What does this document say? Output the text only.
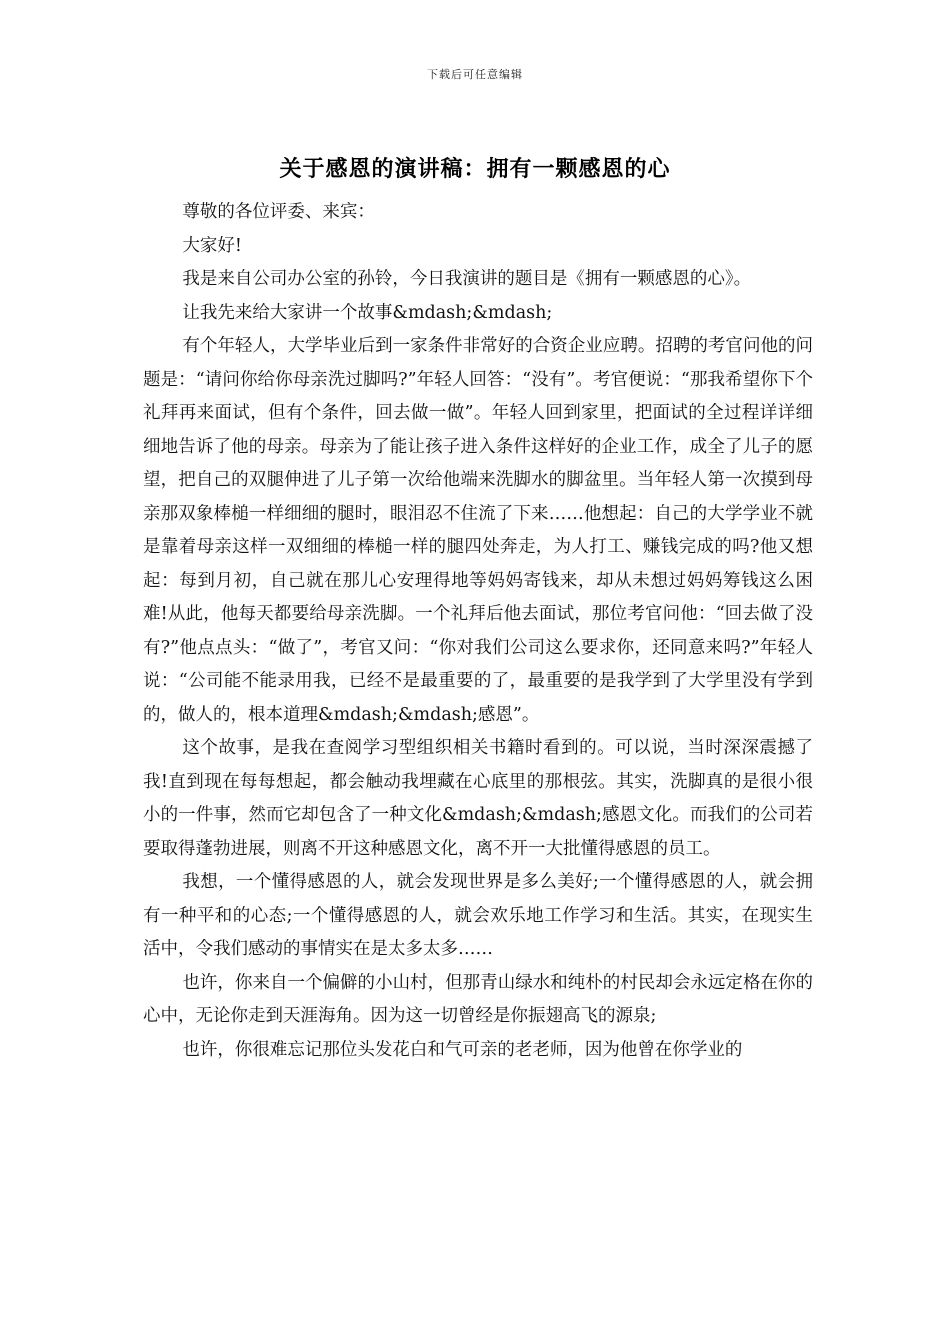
下载后可任意编辑
关于感恩的演讲稿：拥有一颗感恩的心

尊敬的各位评委、来宾：

大家好!

我是来自公司办公室的孙铃，今日我演讲的题目是《拥有一颗感恩的心》。

让我先来给大家讲一个故事&mdash;&mdash;

有个年轻人，大学毕业后到一家条件非常好的合资企业应聘。招聘的考官问他的问题是：“请问你给你母亲洗过脚吗?”年轻人回答：“没有”。考官便说：“那我希望你下个礼拜再来面试，但有个条件，回去做一做”。年轻人回到家里，把面试的全过程详详细细地告诉了他的母亲。母亲为了能让孩子进入条件这样好的企业工作，成全了儿子的愿望，把自己的双腿伸进了儿子第一次给他端来洗脚水的脚盆里。当年轻人第一次摸到母亲那双象棒槌一样细细的腿时，眼泪忍不住流了下来……他想起：自己的大学学业不就是靠着母亲这样一双细细的棒槌一样的腿四处奔走，为人打工、赚钱完成的吗?他又想起：每到月初，自己就在那儿心安理得地等妈妈寄钱来，却从未想过妈妈筹钱这么困难!从此，他每天都要给母亲洗脚。一个礼拜后他去面试，那位考官问他：“回去做了没有?”他点点头：“做了”，考官又问：“你对我们公司这么要求你，还同意来吗?”年轻人说：“公司能不能录用我，已经不是最重要的了，最重要的是我学到了大学里没有学到的，做人的，根本道理&mdash;&mdash;感恩”。

这个故事，是我在查阅学习型组织相关书籍时看到的。可以说，当时深深震撼了我!直到现在每每想起，都会触动我埋藏在心底里的那根弦。其实，洗脚真的是很小很小的一件事，然而它却包含了一种文化&mdash;&mdash;感恩文化。而我们的公司若要取得蓬勃进展，则离不开这种感恩文化，离不开一大批懂得感恩的员工。

我想，一个懂得感恩的人，就会发现世界是多么美好;一个懂得感恩的人，就会拥有一种平和的心态;一个懂得感恩的人，就会欢乐地工作学习和生活。其实，在现实生活中，令我们感动的事情实在是太多太多……

也许，你来自一个偏僻的小山村，但那青山绿水和纯朴的村民却会永远定格在你的心中，无论你走到天涯海角。因为这一切曾经是你振翅高飞的源泉;

也许，你很难忘记那位头发花白和气可亲的老老师，因为他曾在你学业的
